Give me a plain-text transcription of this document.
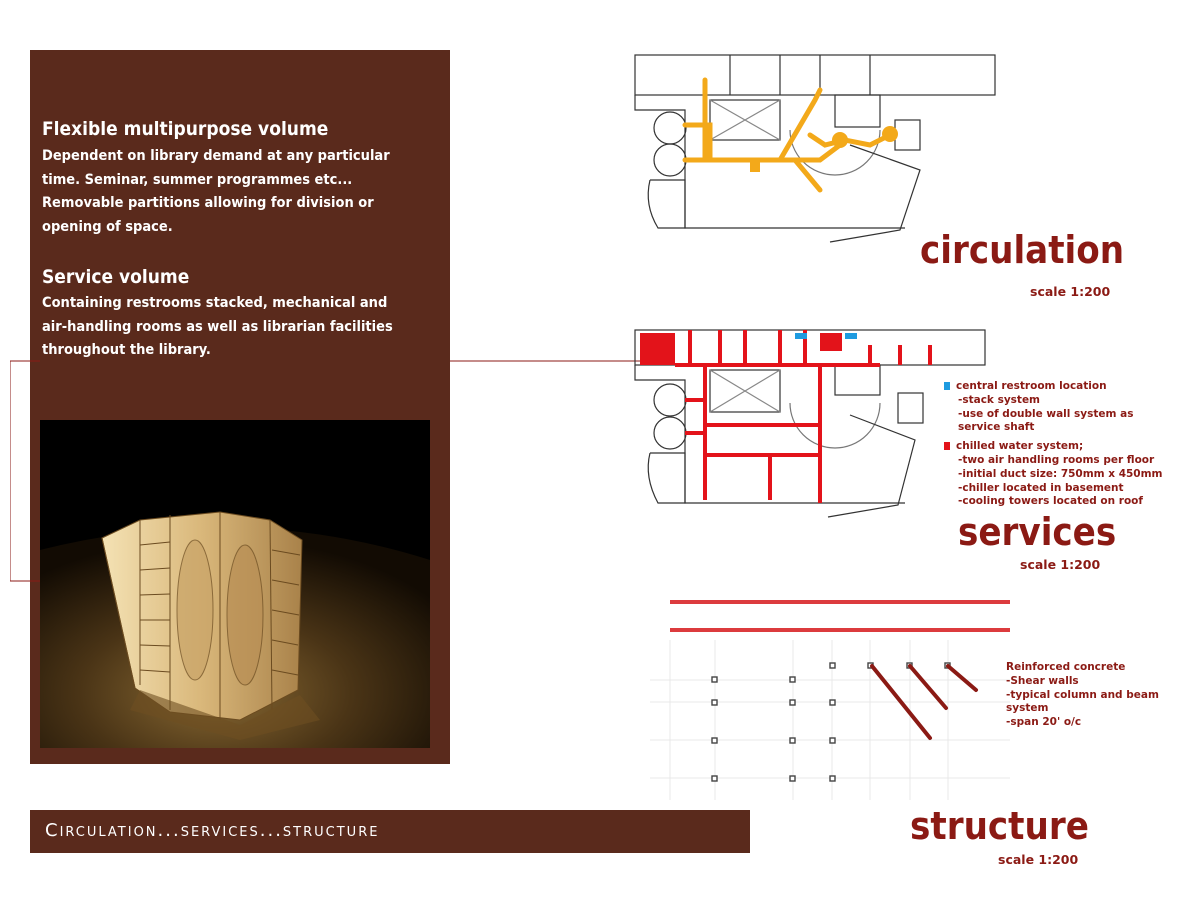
Flexible multipurpose volume
Dependent on library demand at any particular
time. Seminar, summer programmes etc...
Removable partitions allowing for division or
opening of space.
Service volume
Containing restrooms stacked, mechanical and
air-handling rooms as well as librarian facilities
throughout the library.
circulation
scale 1:200
central restroom location
-stack system
-use of double wall system as
service shaft
chilled water system;
-two air handling rooms per floor
-initial duct size: 750mm x 450mm
-chiller located in basement
-cooling towers located on roof
services
scale 1:200
Reinforced concrete
-Shear walls
-typical column and beam
system
-span 20' o/c
structure
scale 1:200
Circulation...services...structure
